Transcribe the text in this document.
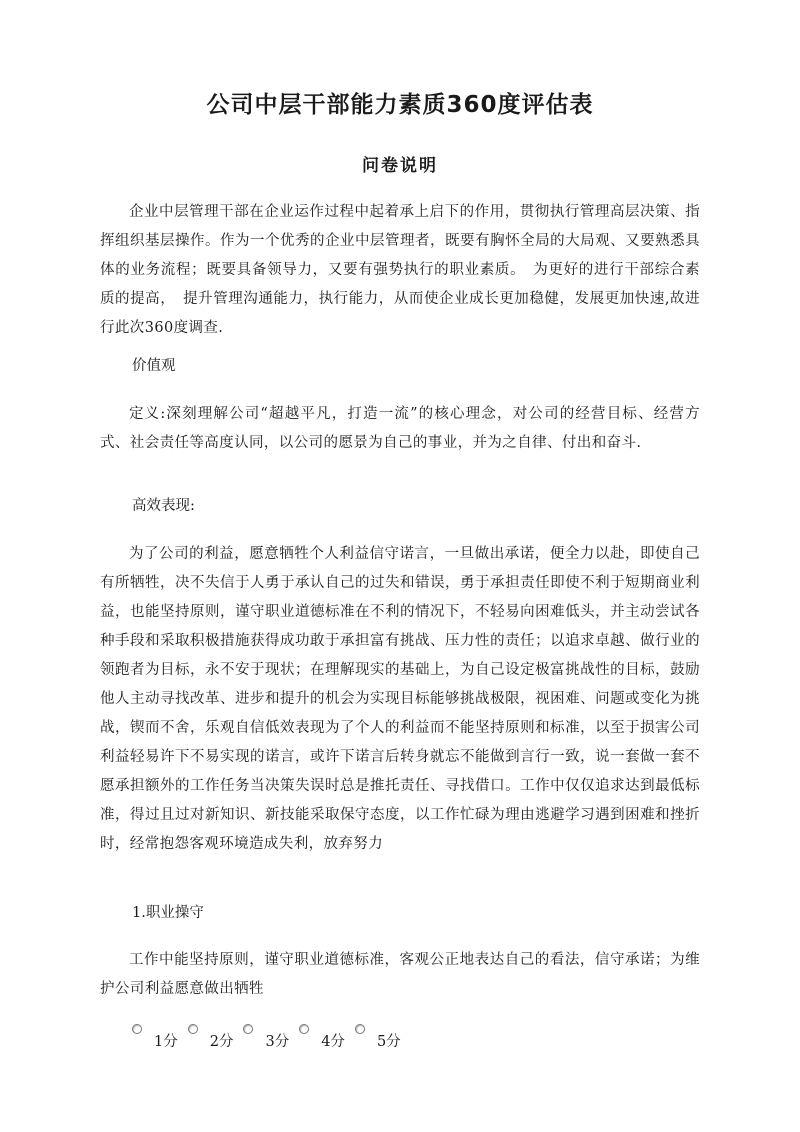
公司中层干部能力素质360度评估表
问卷说明

企业中层管理干部在企业运作过程中起着承上启下的作用，贯彻执行管理高层决策、指挥组织基层操作。作为一个优秀的企业中层管理者，既要有胸怀全局的大局观、又要熟悉具体的业务流程；既要具备领导力，又要有强势执行的职业素质。　为更好的进行干部综合素质的提高，　提升管理沟通能力，执行能力，从而使企业成长更加稳健，发展更加快速,故进行此次360度调查.

价值观

定义:深刻理解公司“超越平凡，打造一流”的核心理念，对公司的经营目标、经营方式、社会责任等高度认同，以公司的愿景为自己的事业，并为之自律、付出和奋斗.

高效表现:

为了公司的利益，愿意牺牲个人利益信守诺言，一旦做出承诺，便全力以赴，即使自己有所牺牲，决不失信于人勇于承认自己的过失和错误，勇于承担责任即使不利于短期商业利益，也能坚持原则，谨守职业道德标准在不利的情况下，不轻易向困难低头，并主动尝试各种手段和采取积极措施获得成功敢于承担富有挑战、压力性的责任；以追求卓越、做行业的领跑者为目标，永不安于现状；在理解现实的基础上，为自己设定极富挑战性的目标，鼓励他人主动寻找改革、进步和提升的机会为实现目标能够挑战极限，视困难、问题或变化为挑战，锲而不舍，乐观自信低效表现为了个人的利益而不能坚持原则和标准，以至于损害公司利益轻易许下不易实现的诺言，或许下诺言后转身就忘不能做到言行一致，说一套做一套不愿承担额外的工作任务当决策失误时总是推托责任、寻找借口。工作中仅仅追求达到最低标准，得过且过对新知识、新技能采取保守态度，以工作忙碌为理由逃避学习遇到困难和挫折时，经常抱怨客观环境造成失利，放弃努力

1.职业操守

工作中能坚持原则，谨守职业道德标准，客观公正地表达自己的看法，信守承诺；为维护公司利益愿意做出牺牲

1分 2分 3分 4分 5分
